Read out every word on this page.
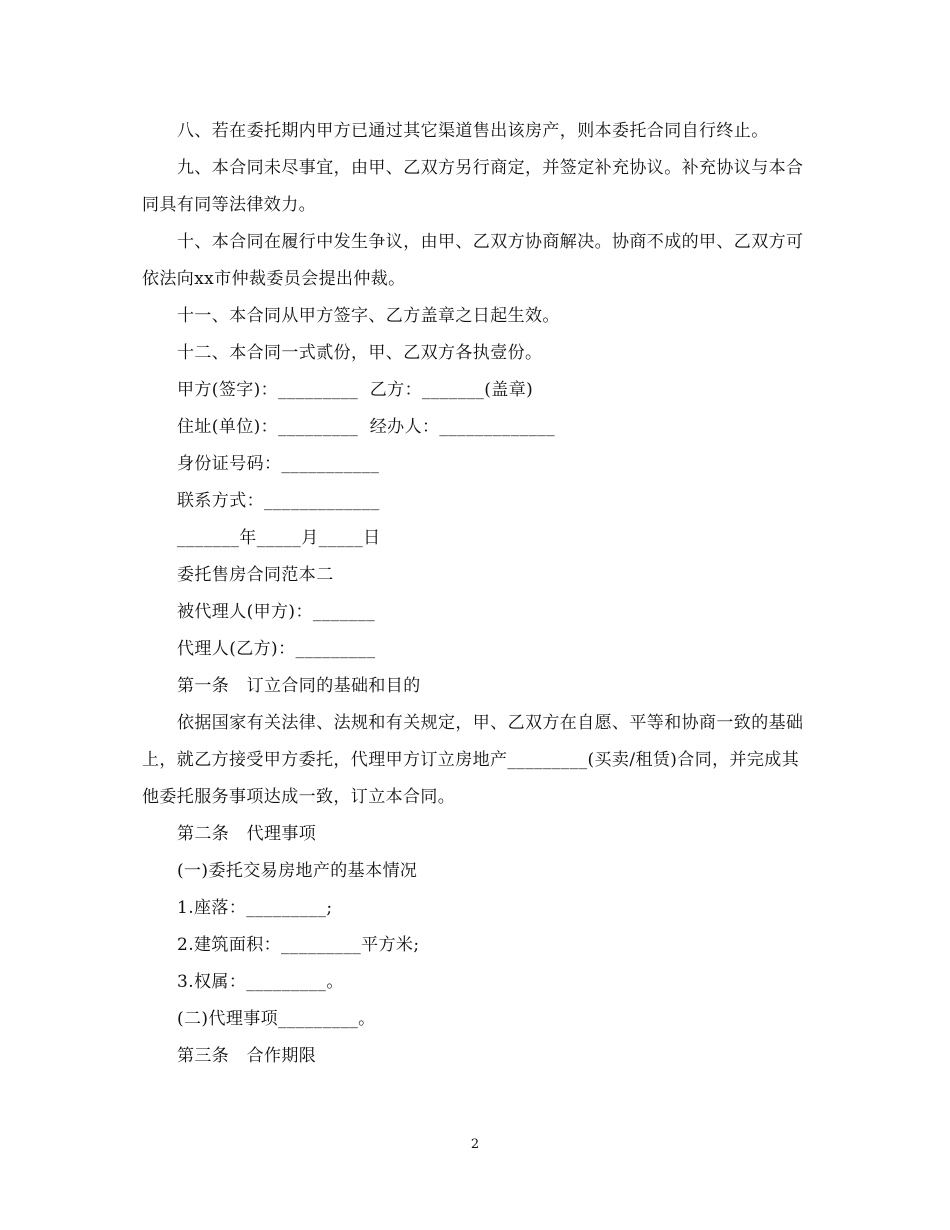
八、若在委托期内甲方已通过其它渠道售出该房产，则本委托合同自行终止。

九、本合同未尽事宜，由甲、乙双方另行商定，并签定补充协议。补充协议与本合同具有同等法律效力。

十、本合同在履行中发生争议，由甲、乙双方协商解决。协商不成的甲、乙双方可依法向xx市仲裁委员会提出仲裁。

十一、本合同从甲方签字、乙方盖章之日起生效。

十二、本合同一式贰份，甲、乙双方各执壹份。

甲方(签字)：_________  乙方：_______(盖章)

住址(单位)：_________  经办人：_____________

身份证号码：___________

联系方式：_____________

_______年_____月_____日

委托售房合同范本二

被代理人(甲方)：_______

代理人(乙方)：_________

第一条　订立合同的基础和目的

依据国家有关法律、法规和有关规定，甲、乙双方在自愿、平等和协商一致的基础上，就乙方接受甲方委托，代理甲方订立房地产_________(买卖/租赁)合同，并完成其他委托服务事项达成一致，订立本合同。

第二条　代理事项

(一)委托交易房地产的基本情况

1.座落：_________;

2.建筑面积：_________平方米;

3.权属：_________。

(二)代理事项_________。

第三条　合作期限

2
